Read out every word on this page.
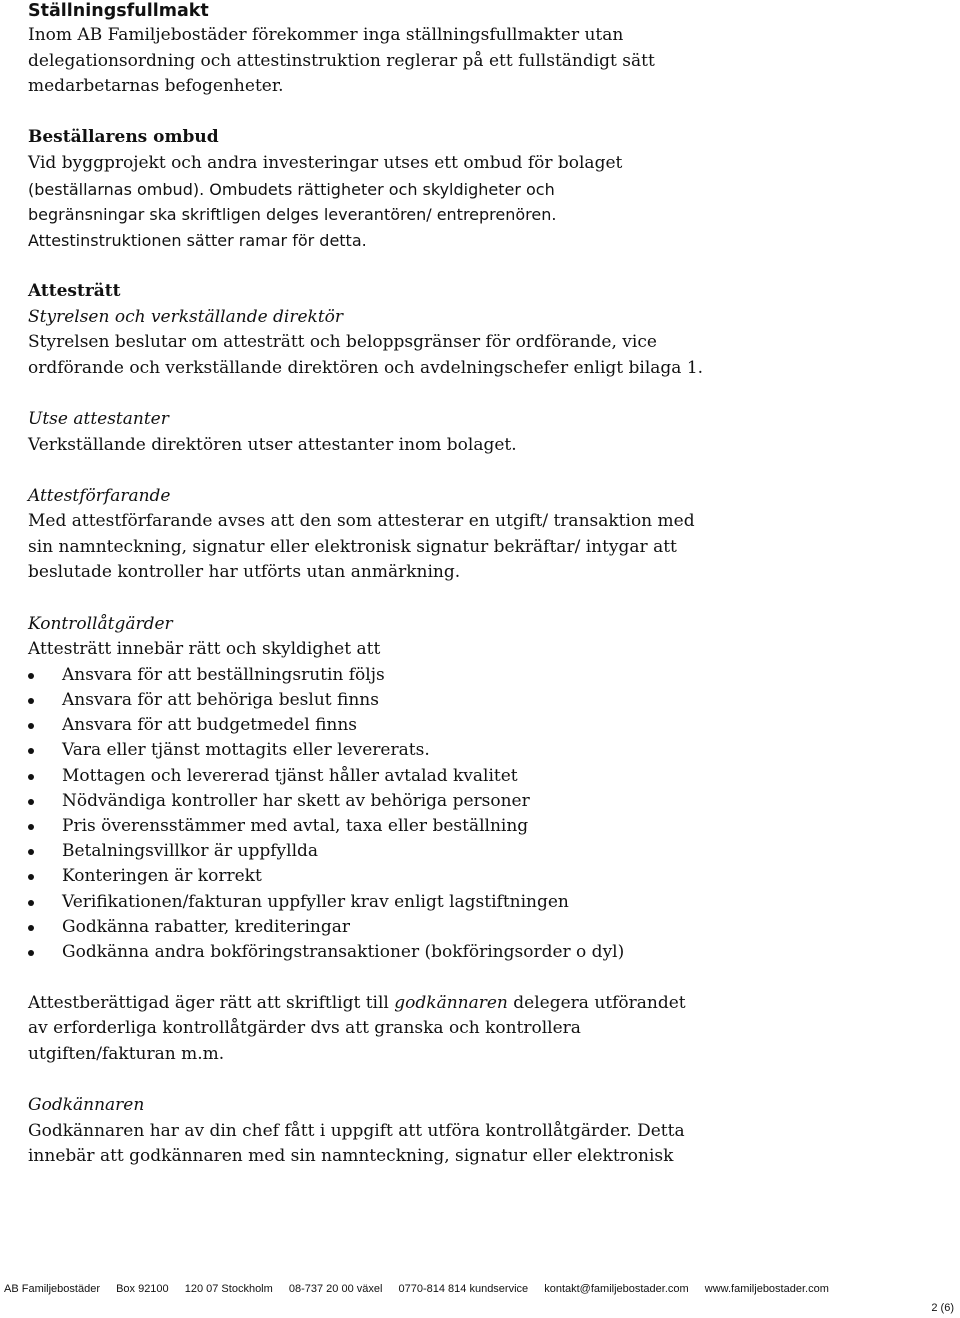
Ställningsfullmakt

Inom AB Familjebostäder förekommer inga ställningsfullmakter utan

delegationsordning och attestinstruktion reglerar på ett fullständigt sätt

medarbetarnas befogenheter.

Beställarens ombud

Vid byggprojekt och andra investeringar utses ett ombud för bolaget

(beställarnas ombud). Ombudets rättigheter och skyldigheter och

begränsningar ska skriftligen delges leverantören/ entreprenören.

Attestinstruktionen sätter ramar för detta.

Attesträtt
Styrelsen och verkställande direktör

Styrelsen beslutar om attesträtt och beloppsgränser för ordförande, vice

ordförande och verkställande direktören och avdelningschefer enligt bilaga 1.

Utse attestanter

Verkställande direktören utser attestanter inom bolaget.

Attestförfarande

Med attestförfarande avses att den som attesterar en utgift/ transaktion med

sin namnteckning, signatur eller elektronisk signatur bekräftar/ intygar att

beslutade kontroller har utförts utan anmärkning.

Kontrollåtgärder

Attesträtt innebär rätt och skyldighet att

Ansvara för att beställningsrutin följs
Ansvara för att behöriga beslut finns
Ansvara för att budgetmedel finns
Vara eller tjänst mottagits eller levererats.
Mottagen och levererad tjänst håller avtalad kvalitet
Nödvändiga kontroller har skett av behöriga personer
Pris överensstämmer med avtal, taxa eller beställning
Betalningsvillkor är uppfyllda
Konteringen är korrekt
Verifikationen/fakturan uppfyller krav enligt lagstiftningen
Godkänna rabatter, krediteringar
Godkänna andra bokföringstransaktioner (bokföringsorder o dyl)

Attestberättigad äger rätt att skriftligt till godkännaren delegera utförandet

av erforderliga kontrollåtgärder dvs att granska och kontrollera

utgiften/fakturan m.m.

Godkännaren

Godkännaren har av din chef fått i uppgift att utföra kontrollåtgärder. Detta

innebär att godkännaren med sin namnteckning, signatur eller elektronisk

AB Familjebostäder Box 92100 120 07 Stockholm 08-737 20 00 växel 0770-814 814 kundservice kontakt@familjebostader.com www.familjebostader.com
2 (6)
